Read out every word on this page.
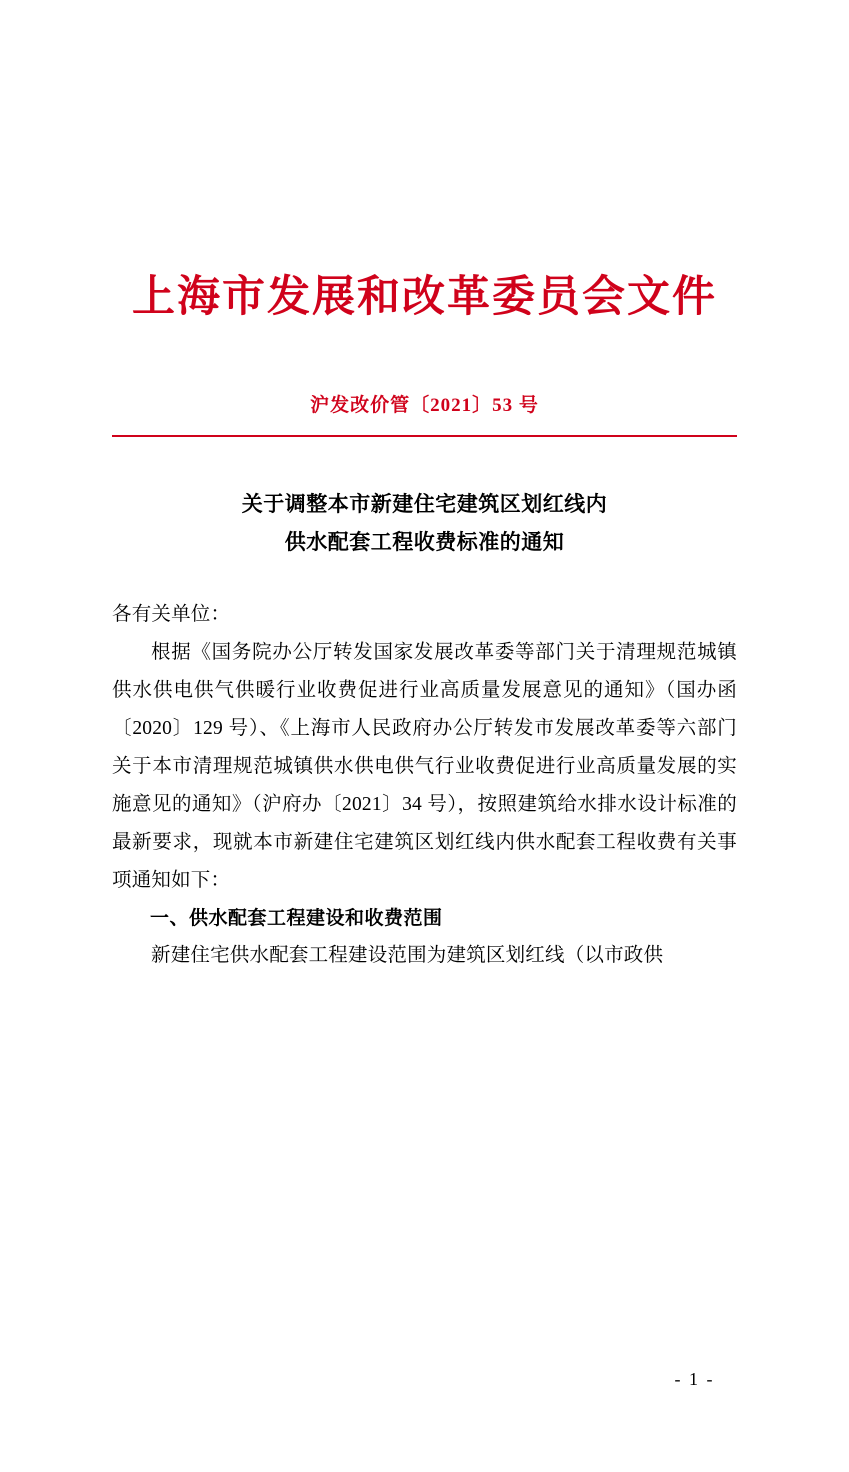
上海市发展和改革委员会文件
沪发改价管〔2021〕53 号
关于调整本市新建住宅建筑区划红线内
供水配套工程收费标准的通知

各有关单位：

根据《国务院办公厅转发国家发展改革委等部门关于清理规范城镇供水供电供气供暖行业收费促进行业高质量发展意见的通知》（国办函〔2020〕129 号）、《上海市人民政府办公厅转发市发展改革委等六部门关于本市清理规范城镇供水供电供气行业收费促进行业高质量发展的实施意见的通知》（沪府办〔2021〕34 号），按照建筑给水排水设计标准的最新要求，现就本市新建住宅建筑区划红线内供水配套工程收费有关事项通知如下：

一、供水配套工程建设和收费范围

新建住宅供水配套工程建设范围为建筑区划红线（以市政供

- 1 -
